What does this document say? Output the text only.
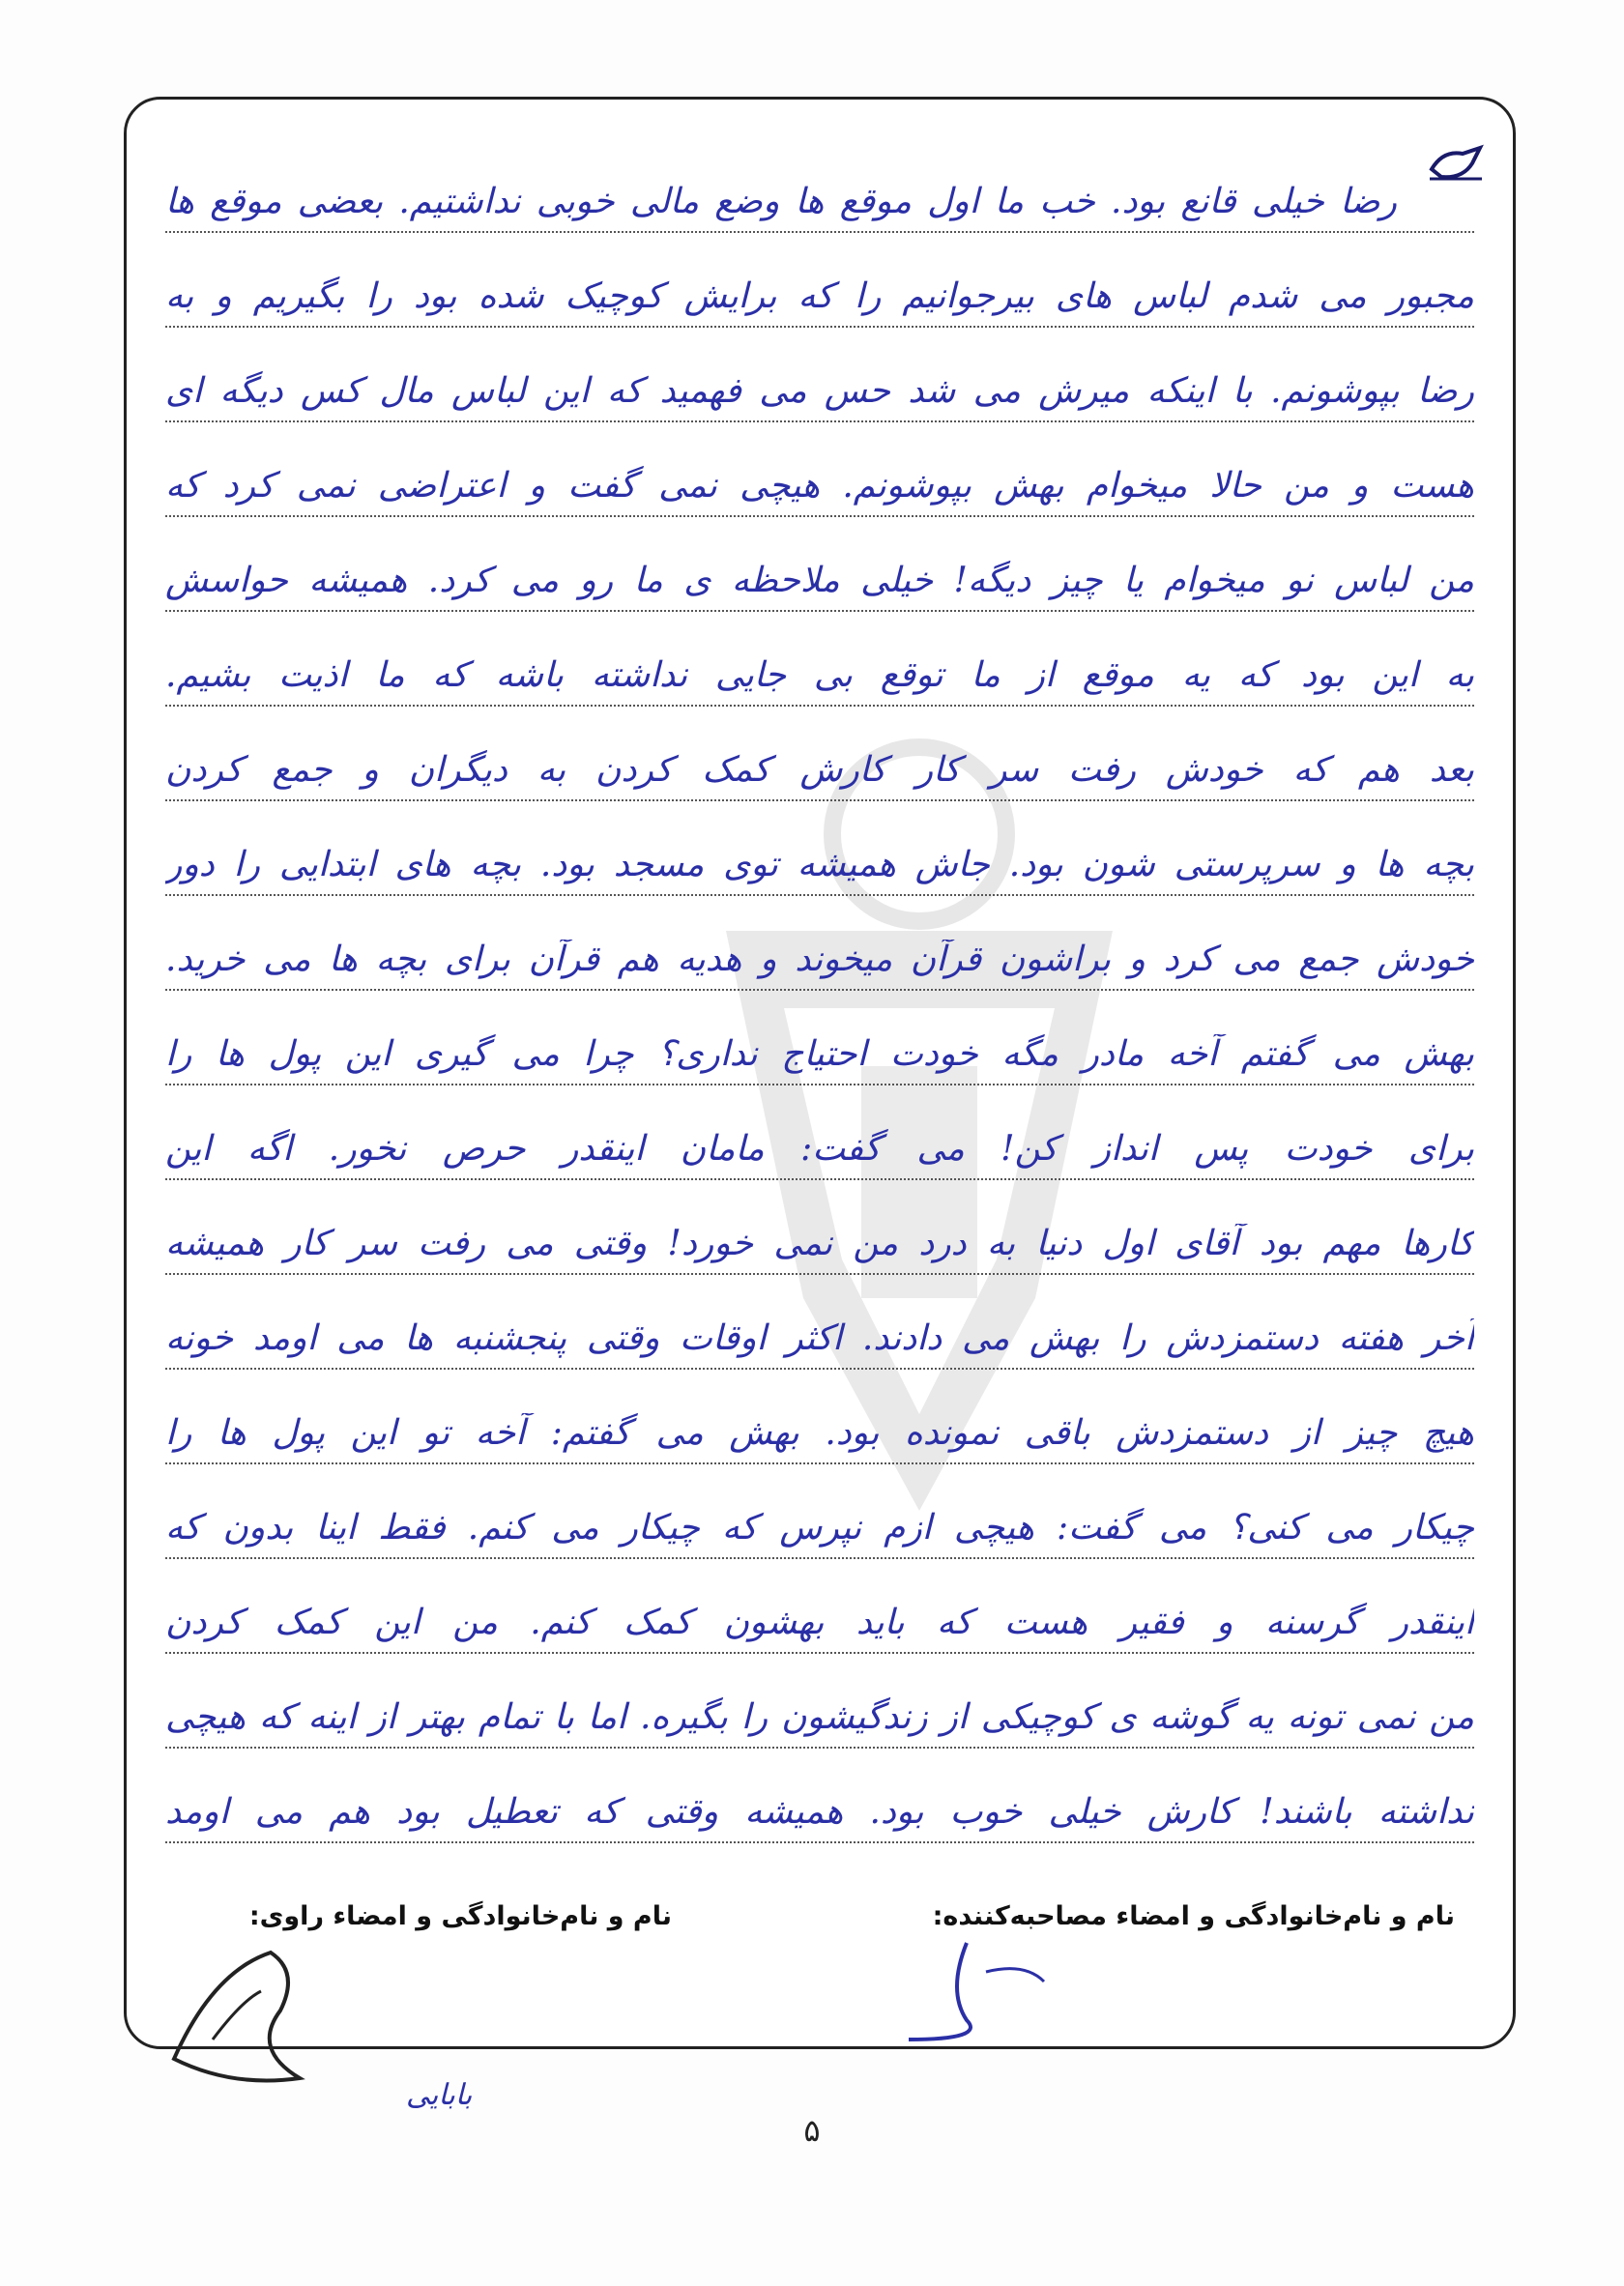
رضا خیلی قانع بود. خب ما اول موقع ها وضع مالی خوبی نداشتیم. بعضی موقع ها
مجبور می شدم لباس های بیرجوانیم را که برایش کوچیک شده بود را بگیریم و به
رضا بپوشونم. با اینکه میرش می شد حس می فهمید که این لباس مال کس دیگه ای
هست و من حالا میخوام بهش بپوشونم. هیچی نمی گفت و اعتراضی نمی کرد که
من لباس نو میخوام یا چیز دیگه! خیلی ملاحظه ی ما رو می کرد. همیشه حواسش
به این بود که یه موقع از ما توقع بی جایی نداشته باشه که ما اذیت بشیم.
بعد هم که خودش رفت سر کار کارش کمک کردن به دیگران و جمع کردن
بچه ها و سرپرستی شون بود. جاش همیشه توی مسجد بود. بچه های ابتدایی را دور
خودش جمع می کرد و براشون قرآن میخوند و هدیه هم قرآن برای بچه ها می خرید.
بهش می گفتم آخه مادر مگه خودت احتیاج نداری؟ چرا می گیری این پول ها را
برای خودت پس انداز کن! می گفت: مامان اینقدر حرص نخور. اگه این
کارها مهم بود آقای اول دنیا به درد من نمی خورد! وقتی می رفت سر کار همیشه
آخر هفته دستمزدش را بهش می دادند. اکثر اوقات وقتی پنجشنبه ها می اومد خونه
هیچ چیز از دستمزدش باقی نمونده بود. بهش می گفتم: آخه تو این پول ها را
چیکار می کنی؟ می گفت: هیچی ازم نپرس که چیکار می کنم. فقط اینا بدون که
اینقدر گرسنه و فقیر هست که باید بهشون کمک کنم. من این کمک کردن
من نمی تونه یه گوشه ی کوچیکی از زندگیشون را بگیره. اما با تمام بهتر از اینه که هیچی
نداشته باشند! کارش خیلی خوب بود. همیشه وقتی که تعطیل بود هم می اومد
نام و نام‌خانوادگی و امضاء مصاحبه‌کننده:
نام و نام‌خانوادگی و امضاء راوی:
بابایی
۵
